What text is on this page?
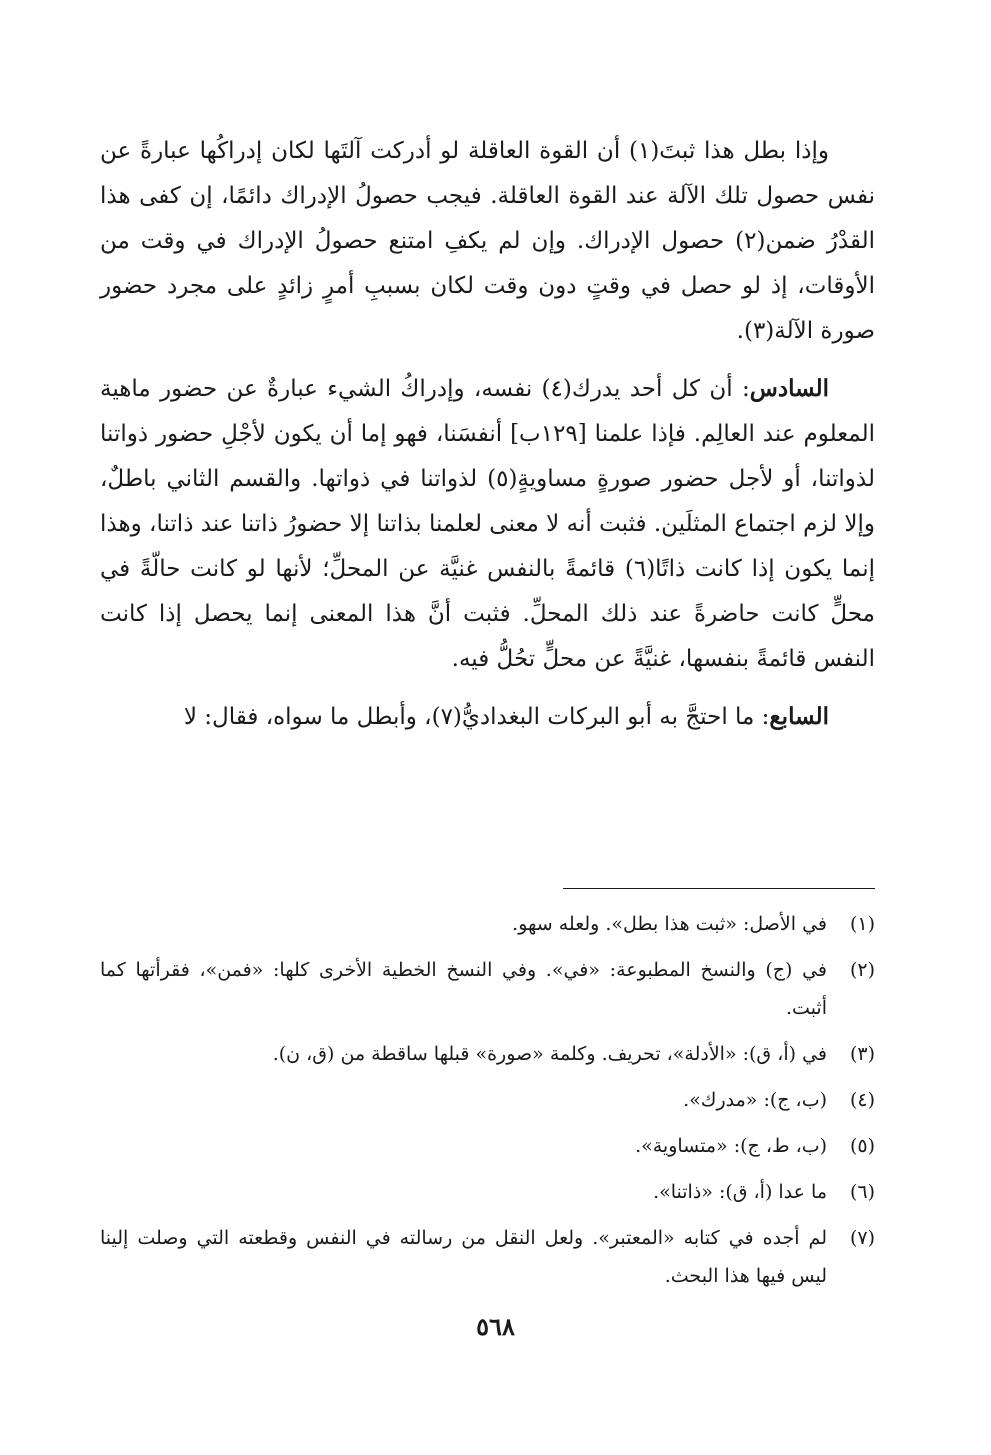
وإذا بطل هذا ثبتَ(١) أن القوة العاقلة لو أدركت آلتَها لكان إدراكُها عبارةً عن نفس حصول تلك الآلة عند القوة العاقلة. فيجب حصولُ الإدراك دائمًا، إن كفى هذا القدْرُ ضمن(٢) حصول الإدراك. وإن لم يكفِ امتنع حصولُ الإدراك في وقت من الأوقات، إذ لو حصل في وقتٍ دون وقت لكان بسببِ أمرٍ زائدٍ على مجرد حضور صورة الآلة(٣).

السادس: أن كل أحد يدرك(٤) نفسه، وإدراكُ الشيء عبارةٌ عن حضور ماهية المعلوم عند العالِم. فإذا علمنا [١٢٩ب] أنفسَنا، فهو إما أن يكون لأجْلِ حضور ذواتنا لذواتنا، أو لأجل حضور صورةٍ مساويةٍ(٥) لذواتنا في ذواتها. والقسم الثاني باطلٌ، وإلا لزم اجتماع المثلَين. فثبت أنه لا معنى لعلمنا بذاتنا إلا حضورُ ذاتنا عند ذاتنا، وهذا إنما يكون إذا كانت ذاتًا(٦) قائمةً بالنفس غنيَّة عن المحلِّ؛ لأنها لو كانت حالّةً في محلٍّ كانت حاضرةً عند ذلك المحلِّ. فثبت أنَّ هذا المعنى إنما يحصل إذا كانت النفس قائمةً بنفسها، غنيَّةً عن محلٍّ تحُلُّ فيه.

السابع: ما احتجَّ به أبو البركات البغداديُّ(٧)، وأبطل ما سواه، فقال: لا

(١)
في الأصل: «ثبت هذا بطل». ولعله سهو.
(٢)
في (ج) والنسخ المطبوعة: «في». وفي النسخ الخطية الأخرى كلها: «فمن»، فقرأتها كما أثبت.
(٣)
في (أ، ق): «الأدلة»، تحريف. وكلمة «صورة» قبلها ساقطة من (ق، ن).
(٤)
(ب، ج): «مدرك».
(٥)
(ب، ط، ج): «متساوية».
(٦)
ما عدا (أ، ق): «ذاتنا».
(٧)
لم أجده في كتابه «المعتبر». ولعل النقل من رسالته في النفس وقطعته التي وصلت إلينا ليس فيها هذا البحث.
٥٦٨
